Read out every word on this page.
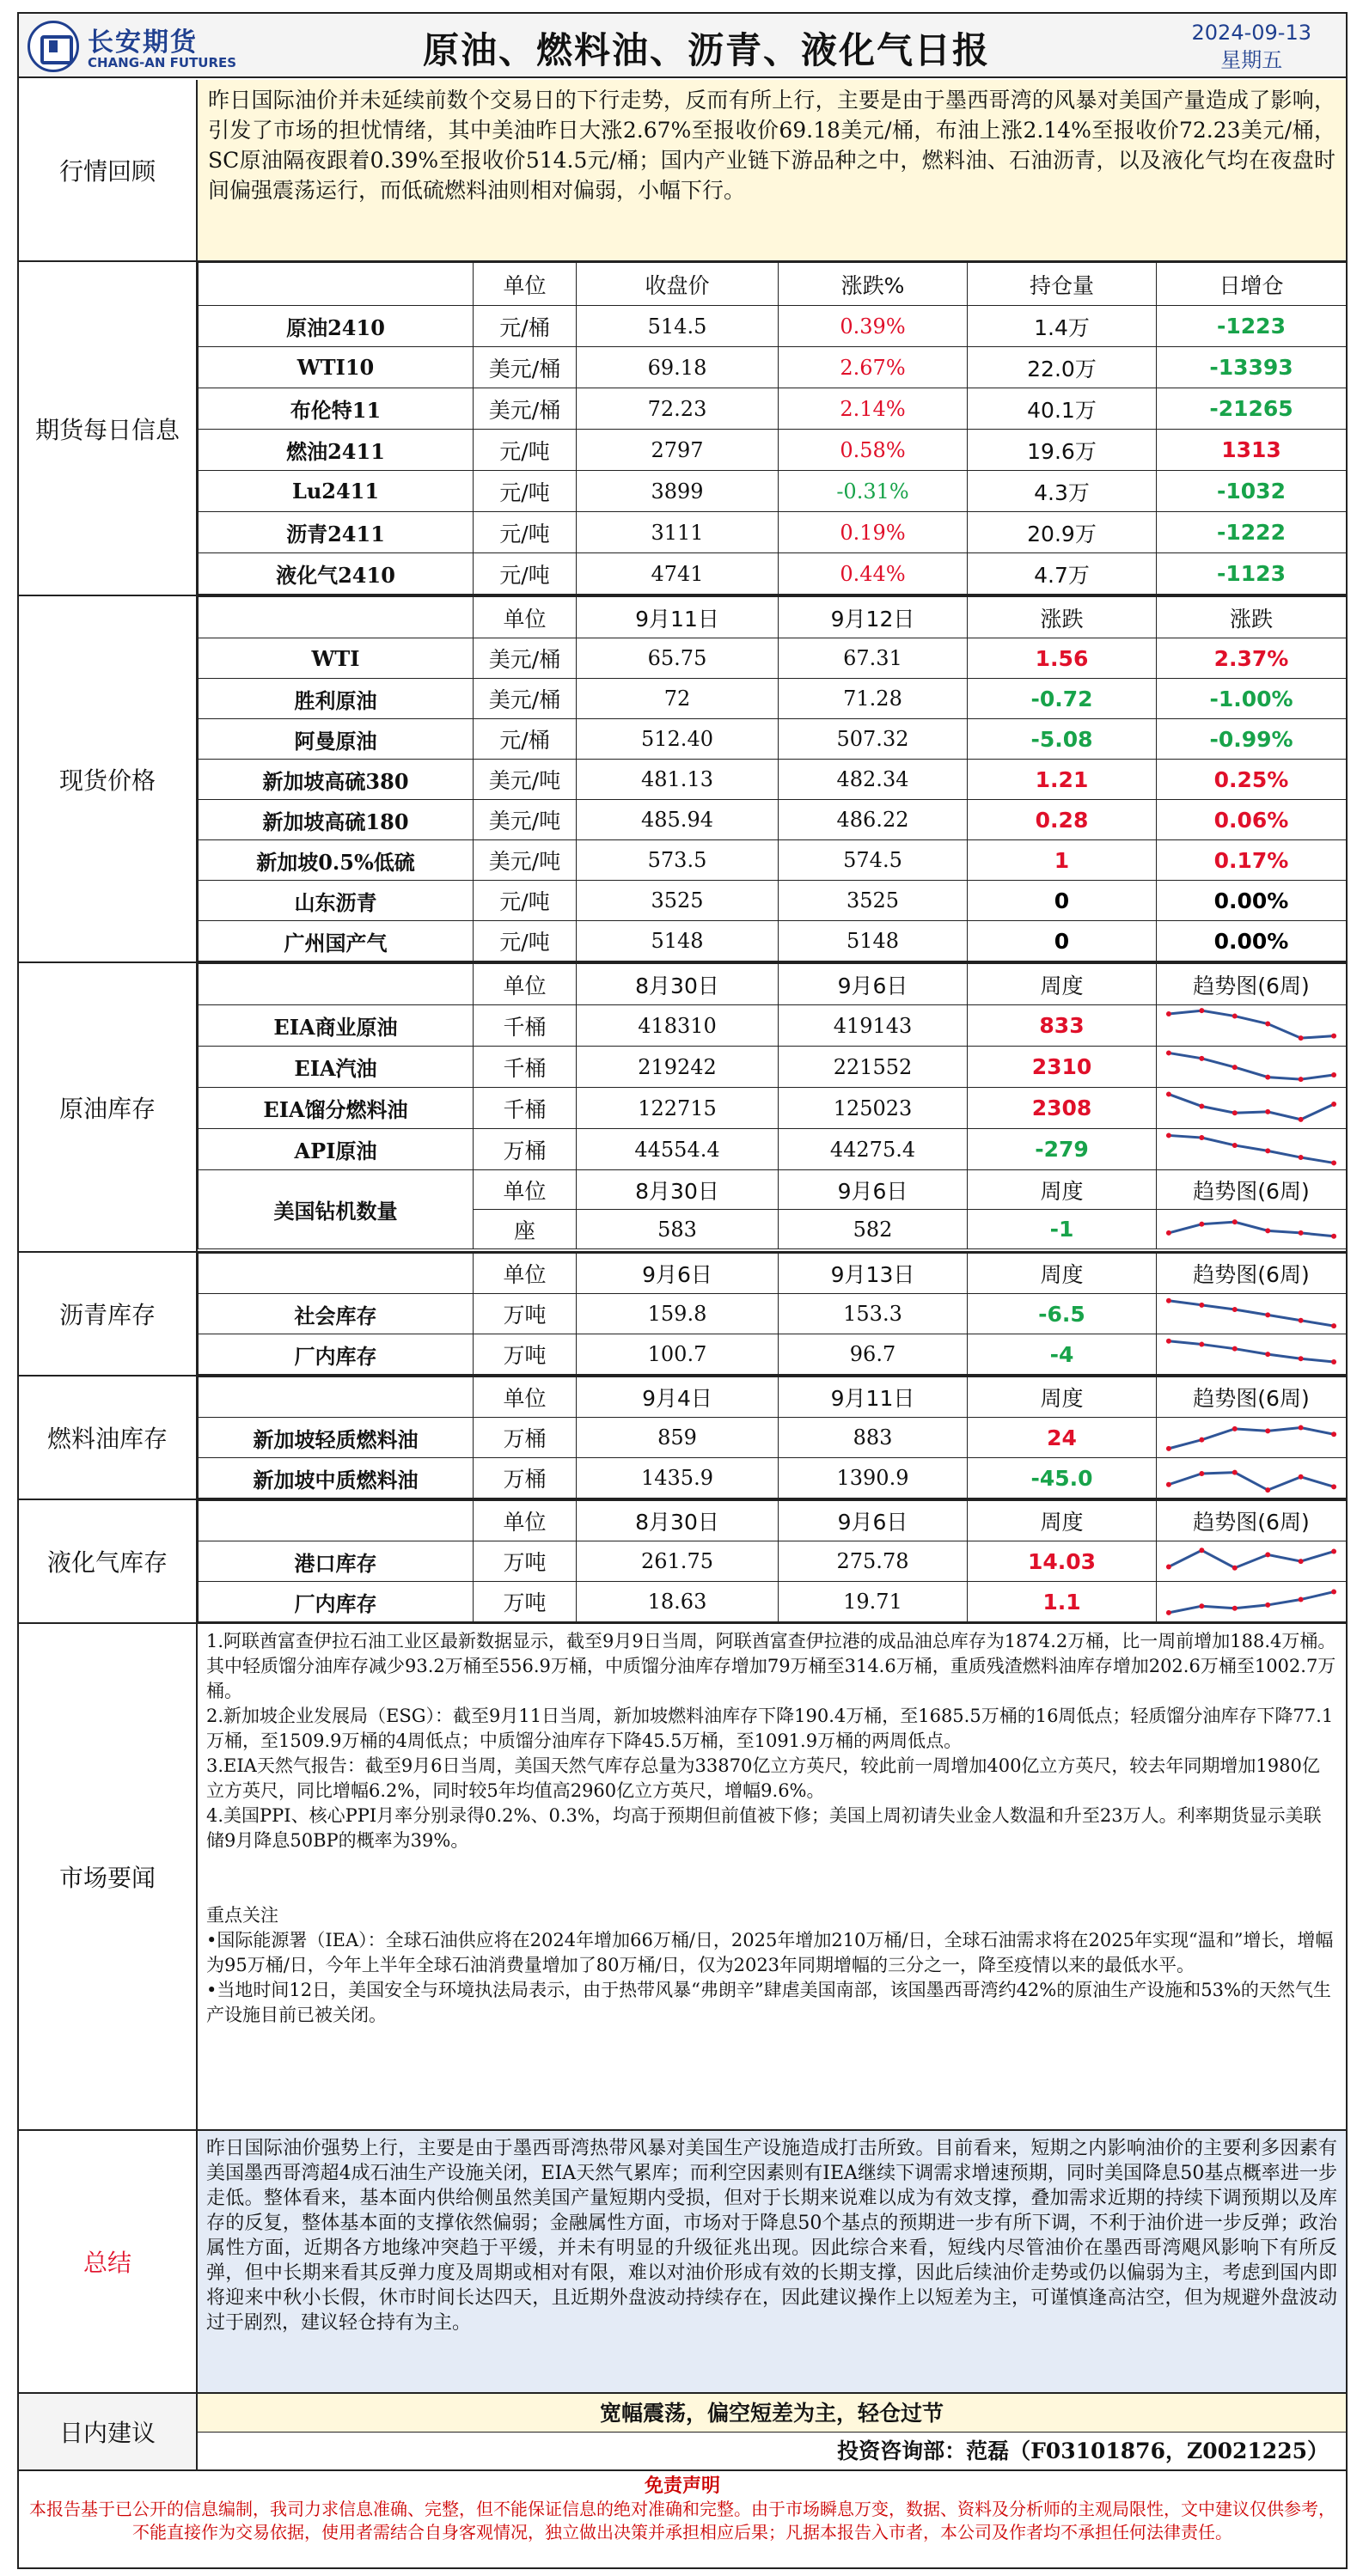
长安期货
CHANG-AN FUTURES	原油、燃料油、沥青、液化气日报	2024-09-13
星期五
行情回顾
昨日国际油价并未延续前数个交易日的下行走势，反而有所上行，主要是由于墨西哥湾的风暴对美国产量造成了影响，引发了市场的担忧情绪，其中美油昨日大涨2.67%至报收价69.18美元/桶，布油上涨2.14%至报收价72.23美元/桶，SC原油隔夜跟着0.39%至报收价514.5元/桶；国内产业链下游品种之中，燃料油、石油沥青，以及液化气均在夜盘时间偏强震荡运行，而低硫燃料油则相对偏弱，小幅下行。
期货每日信息
	单位	收盘价	涨跌%	持仓量	日增仓
原油2410	元/桶	514.5	0.39%	1.4万	-1223
WTI10	美元/桶	69.18	2.67%	22.0万	-13393
布伦特11	美元/桶	72.23	2.14%	40.1万	-21265
燃油2411	元/吨	2797	0.58%	19.6万	1313
Lu2411	元/吨	3899	-0.31%	4.3万	-1032
沥青2411	元/吨	3111	0.19%	20.9万	-1222
液化气2410	元/吨	4741	0.44%	4.7万	-1123
现货价格
	单位	9月11日	9月12日	涨跌	涨跌
WTI	美元/桶	65.75	67.31	1.56	2.37%
胜利原油	美元/桶	72	71.28	-0.72	-1.00%
阿曼原油	元/桶	512.40	507.32	-5.08	-0.99%
新加坡高硫380	美元/吨	481.13	482.34	1.21	0.25%
新加坡高硫180	美元/吨	485.94	486.22	0.28	0.06%
新加坡0.5%低硫	美元/吨	573.5	574.5	1	0.17%
山东沥青	元/吨	3525	3525	0	0.00%
广州国产气	元/吨	5148	5148	0	0.00%
原油库存
	单位	8月30日	9月6日	周度	趋势图(6周)
EIA商业原油	千桶	418310	419143	833	

EIA汽油	千桶	219242	221552	2310	

EIA馏分燃料油	千桶	122715	125023	2308	

API原油	万桶	44554.4	44275.4	-279	

美国钻机数量	单位	8月30日	9月6日	周度	趋势图(6周)
	座	583	582	-1	
沥青库存
	单位	9月6日	9月13日	周度	趋势图(6周)
社会库存	万吨	159.8	153.3	-6.5	

厂内库存	万吨	100.7	96.7	-4	
燃料油库存
	单位	9月4日	9月11日	周度	趋势图(6周)
新加坡轻质燃料油	万桶	859	883	24	

新加坡中质燃料油	万桶	1435.9	1390.9	-45.0	
液化气库存
	单位	8月30日	9月6日	周度	趋势图(6周)
港口库存	万吨	261.75	275.78	14.03	

厂内库存	万吨	18.63	19.71	1.1	
市场要闻

1.阿联酋富查伊拉石油工业区最新数据显示，截至9月9日当周，阿联酋富查伊拉港的成品油总库存为1874.2万桶，比一周前增加188.4万桶。其中轻质馏分油库存减少93.2万桶至556.9万桶，中质馏分油库存增加79万桶至314.6万桶，重质残渣燃料油库存增加202.6万桶至1002.7万桶。

2.新加坡企业发展局（ESG）：截至9月11日当周，新加坡燃料油库存下降190.4万桶，至1685.5万桶的16周低点；轻质馏分油库存下降77.1万桶，至1509.9万桶的4周低点；中质馏分油库存下降45.5万桶，至1091.9万桶的两周低点。

3.EIA天然气报告：截至9月6日当周，美国天然气库存总量为33870亿立方英尺，较此前一周增加400亿立方英尺，较去年同期增加1980亿立方英尺，同比增幅6.2%，同时较5年均值高2960亿立方英尺，增幅9.6%。

4.美国PPI、核心PPI月率分别录得0.2%、0.3%，均高于预期但前值被下修；美国上周初请失业金人数温和升至23万人。利率期货显示美联储9月降息50BP的概率为39%。

重点关注

•国际能源署（IEA）：全球石油供应将在2024年增加66万桶/日，2025年增加210万桶/日，全球石油需求将在2025年实现“温和”增长，增幅为95万桶/日，今年上半年全球石油消费量增加了80万桶/日，仅为2023年同期增幅的三分之一，降至疫情以来的最低水平。

•当地时间12日，美国安全与环境执法局表示，由于热带风暴“弗朗辛”肆虐美国南部，该国墨西哥湾约42%的原油生产设施和53%的天然气生产设施目前已被关闭。

总结
昨日国际油价强势上行，主要是由于墨西哥湾热带风暴对美国生产设施造成打击所致。目前看来，短期之内影响油价的主要利多因素有美国墨西哥湾超4成石油生产设施关闭，EIA天然气累库；而利空因素则有IEA继续下调需求增速预期，同时美国降息50基点概率进一步走低。整体看来，基本面内供给侧虽然美国产量短期内受损，但对于长期来说难以成为有效支撑，叠加需求近期的持续下调预期以及库存的反复，整体基本面的支撑依然偏弱；金融属性方面，市场对于降息50个基点的预期进一步有所下调，不利于油价进一步反弹；政治属性方面，近期各方地缘冲突趋于平缓，并未有明显的升级征兆出现。因此综合来看，短线内尽管油价在墨西哥湾飓风影响下有所反弹，但中长期来看其反弹力度及周期或相对有限，难以对油价形成有效的长期支撑，因此后续油价走势或仍以偏弱为主，考虑到国内即将迎来中秋小长假，休市时间长达四天，且近期外盘波动持续存在，因此建议操作上以短差为主，可谨慎逢高沽空，但为规避外盘波动过于剧烈，建议轻仓持有为主。
日内建议
宽幅震荡，偏空短差为主，轻仓过节
投资咨询部：范磊（F03101876，Z0021225）
免责声明
本报告基于已公开的信息编制，我司力求信息准确、完整，但不能保证信息的绝对准确和完整。由于市场瞬息万变，数据、资料及分析师的主观局限性，文中建议仅供参考，不能直接作为交易依据，使用者需结合自身客观情况，独立做出决策并承担相应后果；凡据本报告入市者，本公司及作者均不承担任何法律责任。
